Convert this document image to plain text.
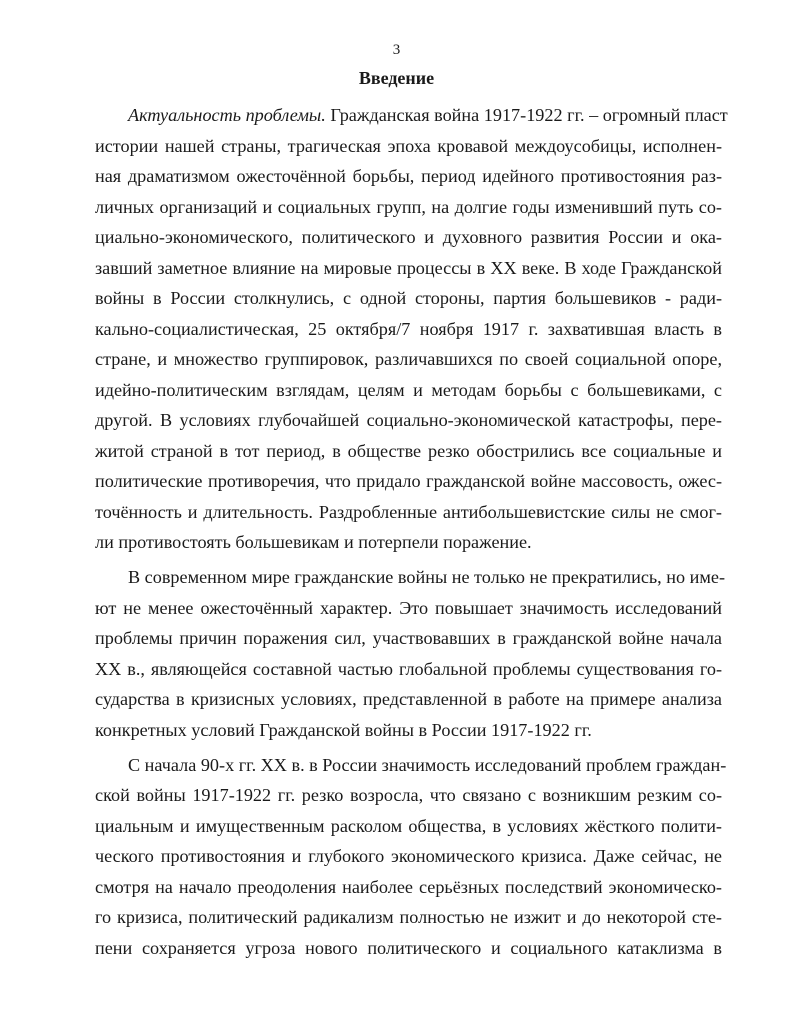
3
Введение
Актуальность проблемы. Гражданская война 1917-1922 гг. – огромный пласт
истории нашей страны, трагическая эпоха кровавой междоусобицы, исполнен-
ная драматизмом ожесточённой борьбы, период идейного противостояния раз-
личных организаций и социальных групп, на долгие годы изменивший путь со-
циально-экономического, политического и духовного развития России и ока-
завший заметное влияние на мировые процессы в XX веке. В ходе Гражданской
войны в России столкнулись, с одной стороны, партия большевиков - ради-
кально-социалистическая, 25 октября/7 ноября 1917 г. захватившая власть в
стране, и множество группировок, различавшихся по своей социальной опоре,
идейно-политическим взглядам, целям и методам борьбы с большевиками, с
другой. В условиях глубочайшей социально-экономической катастрофы, пере-
житой страной в тот период, в обществе резко обострились все социальные и
политические противоречия, что придало гражданской войне массовость, ожес-
точённость и длительность. Раздробленные антибольшевистские силы не смог-
ли противостоять большевикам и потерпели поражение.
В современном мире гражданские войны не только не прекратились, но име-
ют не менее ожесточённый характер. Это повышает значимость исследований
проблемы причин поражения сил, участвовавших в гражданской войне начала
XX в., являющейся составной частью глобальной проблемы существования го-
сударства в кризисных условиях, представленной в работе на примере анализа
конкретных условий Гражданской войны в России 1917-1922 гг.
С начала 90-х гг. XX в. в России значимость исследований проблем граждан-
ской войны 1917-1922 гг. резко возросла, что связано с возникшим резким со-
циальным и имущественным расколом общества, в условиях жёсткого полити-
ческого противостояния и глубокого экономического кризиса. Даже сейчас, не
смотря на начало преодоления наиболее серьёзных последствий экономическо-
го кризиса, политический радикализм полностью не изжит и до некоторой сте-
пени сохраняется угроза нового политического и социального катаклизма в
